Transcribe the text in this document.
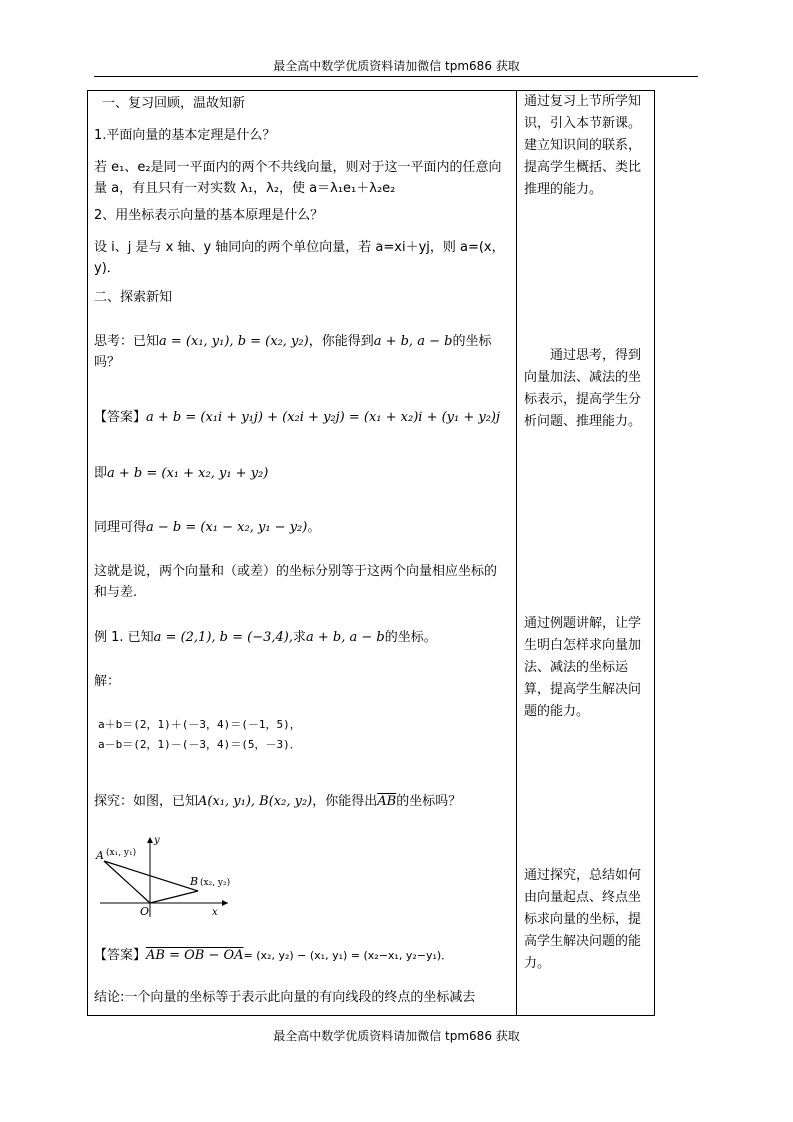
最全高中数学优质资料请加微信 tpm686 获取
一、复习回顾，温故知新
1.平面向量的基本定理是什么？
若 e₁、e₂是同一平面内的两个不共线向量，则对于这一平面内的任意向量 a，有且只有一对实数 λ₁，λ₂，使 a＝λ₁e₁＋λ₂e₂
2、用坐标表示向量的基本原理是什么？
设 i、j 是与 x 轴、y 轴同向的两个单位向量，若 a=xi＋yj，则 a=(x，y)．
二、探索新知
思考：已知a = (x₁, y₁), b = (x₂, y₂)，你能得到a + b, a − b的坐标吗？
【答案】a + b = (x₁i + y₁j) + (x₂i + y₂j) = (x₁ + x₂)i + (y₁ + y₂)j
即a + b = (x₁ + x₂, y₁ + y₂)
同理可得a − b = (x₁ − x₂, y₁ − y₂)。
这就是说，两个向量和（或差）的坐标分别等于这两个向量相应坐标的和与差.
例 1. 已知a = (2,1), b = (−3,4),求a + b, a − b的坐标。
解：
a＋b＝(2，1)＋(－3，4)＝(－1，5)，
a－b＝(2，1)－(－3，4)＝(5，－3)．
探究：如图，已知A(x₁, y₁), B(x₂, y₂)，你能得出$\overline{AB}$的坐标吗？
A (x₁, y₁)
B (x₂, y₂)
O	x
y
【答案】AB = OB − OA= (x₂, y₂) − (x₁, y₁) = (x₂−x₁, y₂−y₁)．
结论:一个向量的坐标等于表示此向量的有向线段的终点的坐标减去
通过复习上节所学知识，引入本节新课。建立知识间的联系，提高学生概括、类比推理的能力。
通过思考，得到向量加法、减法的坐标表示，提高学生分析问题、推理能力。
通过例题讲解，让学生明白怎样求向量加法、减法的坐标运算，提高学生解决问题的能力。
通过探究，总结如何由向量起点、终点坐标求向量的坐标，提高学生解决问题的能力。
最全高中数学优质资料请加微信 tpm686 获取
